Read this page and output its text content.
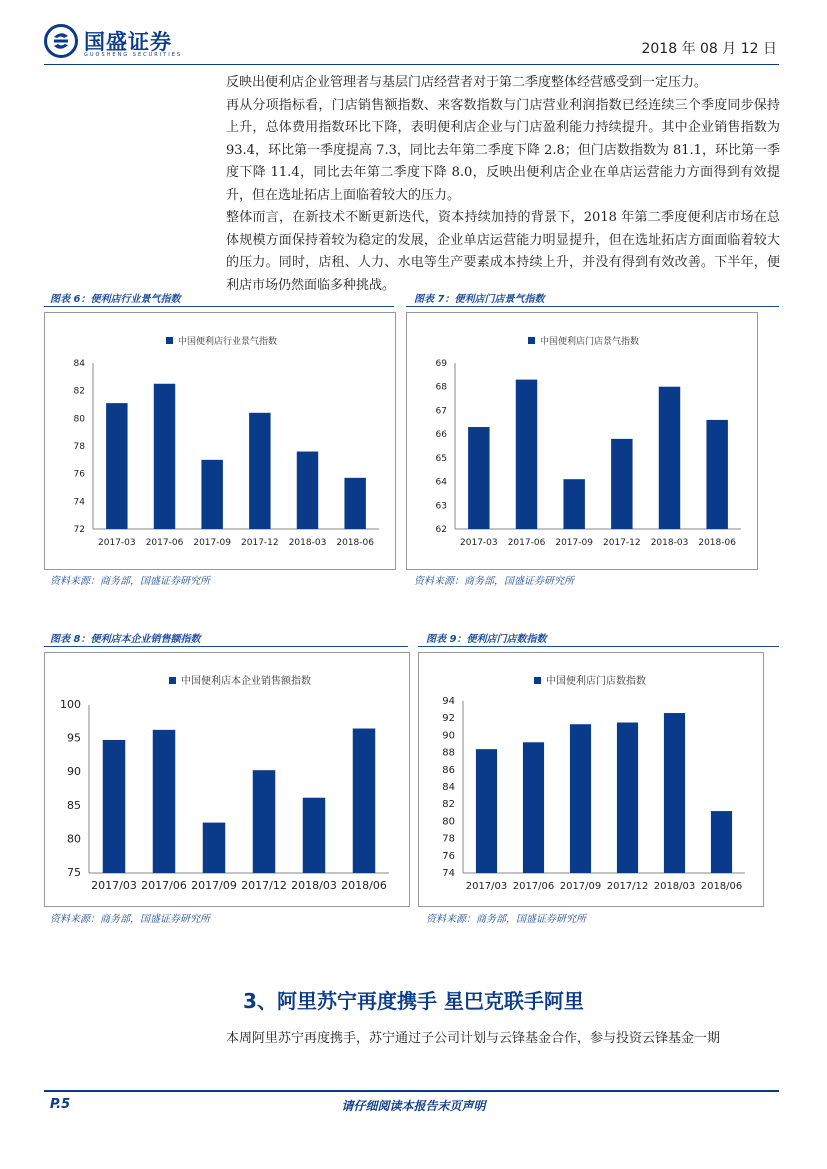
国盛证券
GUOSHENG SECURITIES	2018 年 08 月 12 日

反映出便利店企业管理者与基层门店经营者对于第二季度整体经营感受到一定压力。

再从分项指标看，门店销售额指数、来客数指数与门店营业利润指数已经连续三个季度同步保持上升，总体费用指数环比下降，表明便利店企业与门店盈利能力持续提升。其中企业销售指数为 93.4，环比第一季度提高 7.3，同比去年第二季度下降 2.8；但门店数指数为 81.1，环比第一季度下降 11.4，同比去年第二季度下降 8.0，反映出便利店企业在单店运营能力方面得到有效提升，但在选址拓店上面临着较大的压力。

整体而言，在新技术不断更新迭代，资本持续加持的背景下，2018 年第二季度便利店市场在总体规模方面保持着较为稳定的发展，企业单店运营能力明显提升，但在选址拓店方面面临着较大的压力。同时，店租、人力、水电等生产要素成本持续上升，并没有得到有效改善。下半年，便利店市场仍然面临多种挑战。

图表 6：便利店行业景气指数
中国便利店行业景气指数
72
74
76
78
80
82
84
2017-03 2017-06 2017-09 2017-12 2018-03 2018-06
资料来源：商务部，国盛证券研究所
图表 7：便利店门店景气指数
中国便利店门店景气指数
62
63
64
65
66
67
68
69
2017-03 2017-06 2017-09 2017-12 2018-03 2018-06
资料来源：商务部，国盛证券研究所
图表 8：便利店本企业销售额指数
中国便利店本企业销售额指数
75
80
85
90
95
100
2017/03 2017/06 2017/09 2017/12 2018/03 2018/06
资料来源：商务部，国盛证券研究所
图表 9：便利店门店数指数
中国便利店门店数指数
74
76
78
80
82
84
86
88
90
92
94
2017/03 2017/06 2017/09 2017/12 2018/03 2018/06
资料来源：商务部，国盛证券研究所
3、阿里苏宁再度携手 星巴克联手阿里
本周阿里苏宁再度携手，苏宁通过子公司计划与云锋基金合作，参与投资云锋基金一期
P.5	请仔细阅读本报告末页声明
